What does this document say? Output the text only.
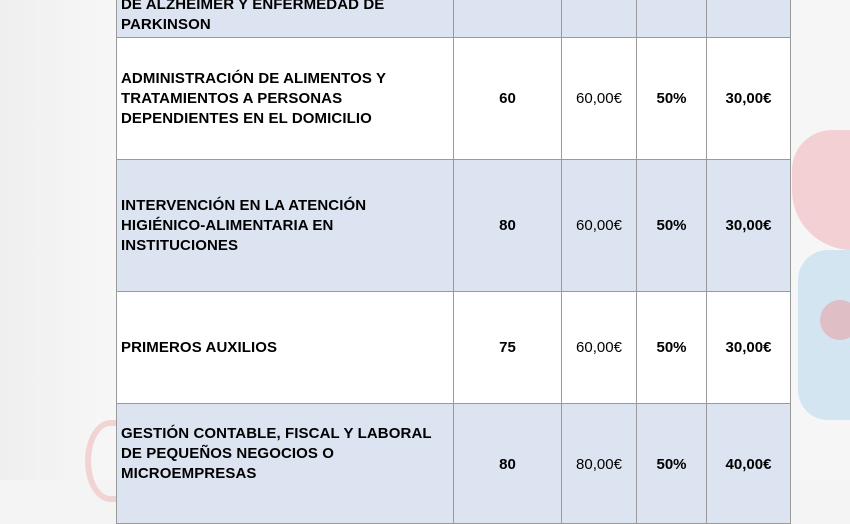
DE ALZHEIMER Y ENFERMEDAD DE PARKINSON				
ADMINISTRACIÓN DE ALIMENTOS Y TRATAMIENTOS A PERSONAS DEPENDIENTES EN EL DOMICILIO	60	60,00€	50%	30,00€
INTERVENCIÓN EN LA ATENCIÓN HIGIÉNICO-ALIMENTARIA EN INSTITUCIONES	80	60,00€	50%	30,00€
PRIMEROS AUXILIOS	75	60,00€	50%	30,00€
GESTIÓN CONTABLE, FISCAL Y LABORAL DE PEQUEÑOS NEGOCIOS O MICROEMPRESAS	80	80,00€	50%	40,00€
